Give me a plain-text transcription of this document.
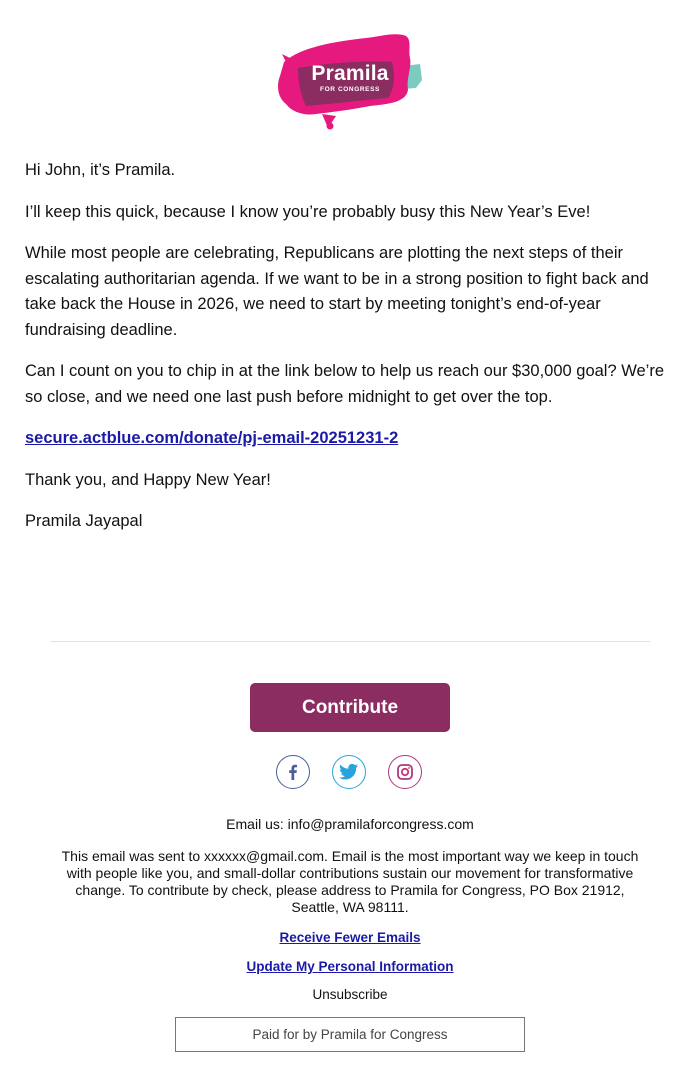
Pramila
FOR CONGRESS

Hi John, it’s Pramila.

I’ll keep this quick, because I know you’re probably busy this New Year’s Eve!

While most people are celebrating, Republicans are plotting the next steps of their escalating authoritarian agenda. If we want to be in a strong position to fight back and take back the House in 2026, we need to start by meeting tonight’s end-of-year fundraising deadline.

Can I count on you to chip in at the link below to help us reach our $30,000 goal? We’re so close, and we need one last push before midnight to get over the top.

secure.actblue.com/donate/pj-email-20251231-2

Thank you, and Happy New Year!

Pramila Jayapal

Contribute
Email us: info@pramilaforcongress.com
This email was sent to xxxxxx@gmail.com. Email is the most important way we keep in touch with people like you, and small-dollar contributions sustain our movement for transformative change. To contribute by check, please address to Pramila for Congress, PO Box 21912, Seattle, WA 98111.
Receive Fewer Emails
Update My Personal Information
Unsubscribe
Paid for by Pramila for Congress
